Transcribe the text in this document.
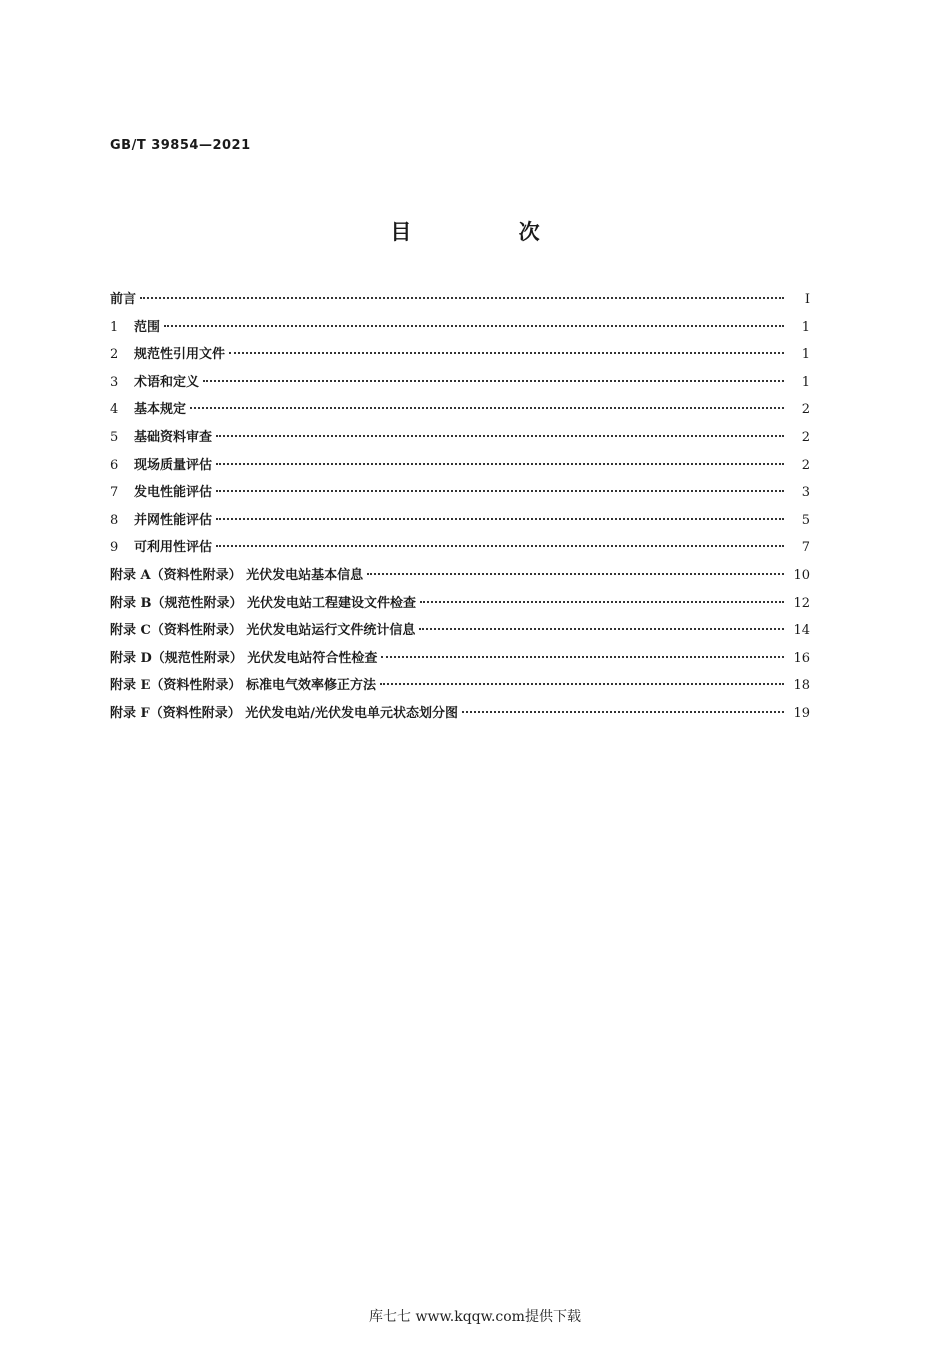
GB/T 39854—2021
目 次
前言	I
1	范围	1
2	规范性引用文件	1
3	术语和定义	1
4	基本规定	2
5	基础资料审查	2
6	现场质量评估	2
7	发电性能评估	3
8	并网性能评估	5
9	可利用性评估	7
附录 A（资料性附录） 光伏发电站基本信息	10
附录 B（规范性附录） 光伏发电站工程建设文件检查	12
附录 C（资料性附录） 光伏发电站运行文件统计信息	14
附录 D（规范性附录） 光伏发电站符合性检查	16
附录 E（资料性附录） 标准电气效率修正方法	18
附录 F（资料性附录） 光伏发电站/光伏发电单元状态划分图	19
库七七 www.kqqw.com提供下载
